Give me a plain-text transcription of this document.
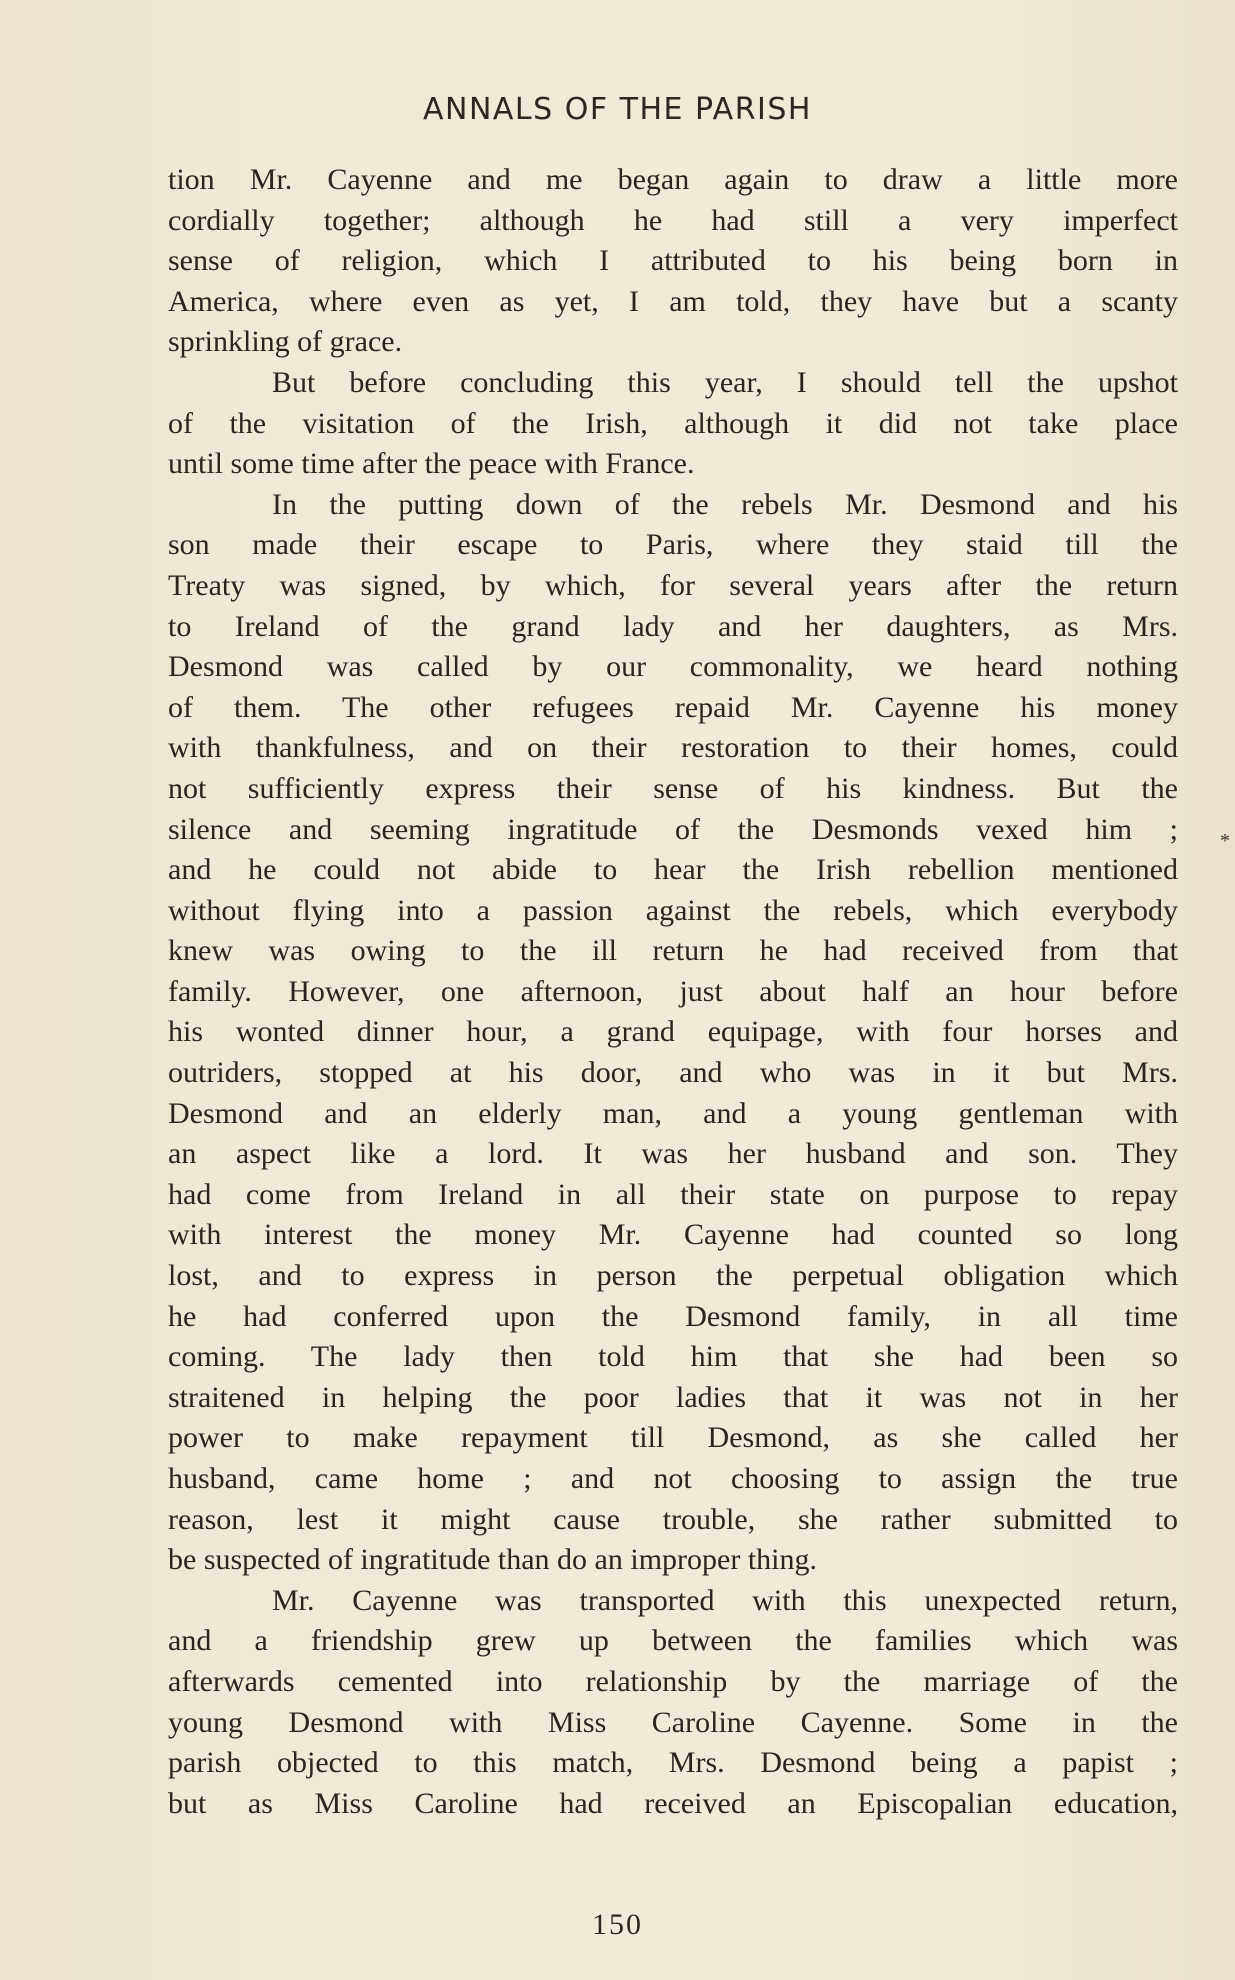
ANNALS OF THE PARISH
tion Mr. Cayenne and me began again to draw a little more
cordially together; although he had still a very imperfect
sense of religion, which I attributed to his being born in
America, where even as yet, I am told, they have but a scanty
sprinkling of grace.
But before concluding this year, I should tell the upshot
of the visitation of the Irish, although it did not take place
until some time after the peace with France.
In the putting down of the rebels Mr. Desmond and his
son made their escape to Paris, where they staid till the
Treaty was signed, by which, for several years after the return
to Ireland of the grand lady and her daughters, as Mrs.
Desmond was called by our commonality, we heard nothing
of them. The other refugees repaid Mr. Cayenne his money
with thankfulness, and on their restoration to their homes, could
not sufficiently express their sense of his kindness. But the
silence and seeming ingratitude of the Desmonds vexed him ;
and he could not abide to hear the Irish rebellion mentioned
without flying into a passion against the rebels, which everybody
knew was owing to the ill return he had received from that
family. However, one afternoon, just about half an hour before
his wonted dinner hour, a grand equipage, with four horses and
outriders, stopped at his door, and who was in it but Mrs.
Desmond and an elderly man, and a young gentleman with
an aspect like a lord. It was her husband and son. They
had come from Ireland in all their state on purpose to repay
with interest the money Mr. Cayenne had counted so long
lost, and to express in person the perpetual obligation which
he had conferred upon the Desmond family, in all time
coming. The lady then told him that she had been so
straitened in helping the poor ladies that it was not in her
power to make repayment till Desmond, as she called her
husband, came home ; and not choosing to assign the true
reason, lest it might cause trouble, she rather submitted to
be suspected of ingratitude than do an improper thing.
Mr. Cayenne was transported with this unexpected return,
and a friendship grew up between the families which was
afterwards cemented into relationship by the marriage of the
young Desmond with Miss Caroline Cayenne. Some in the
parish objected to this match, Mrs. Desmond being a papist ;
but as Miss Caroline had received an Episcopalian education,
*
150
